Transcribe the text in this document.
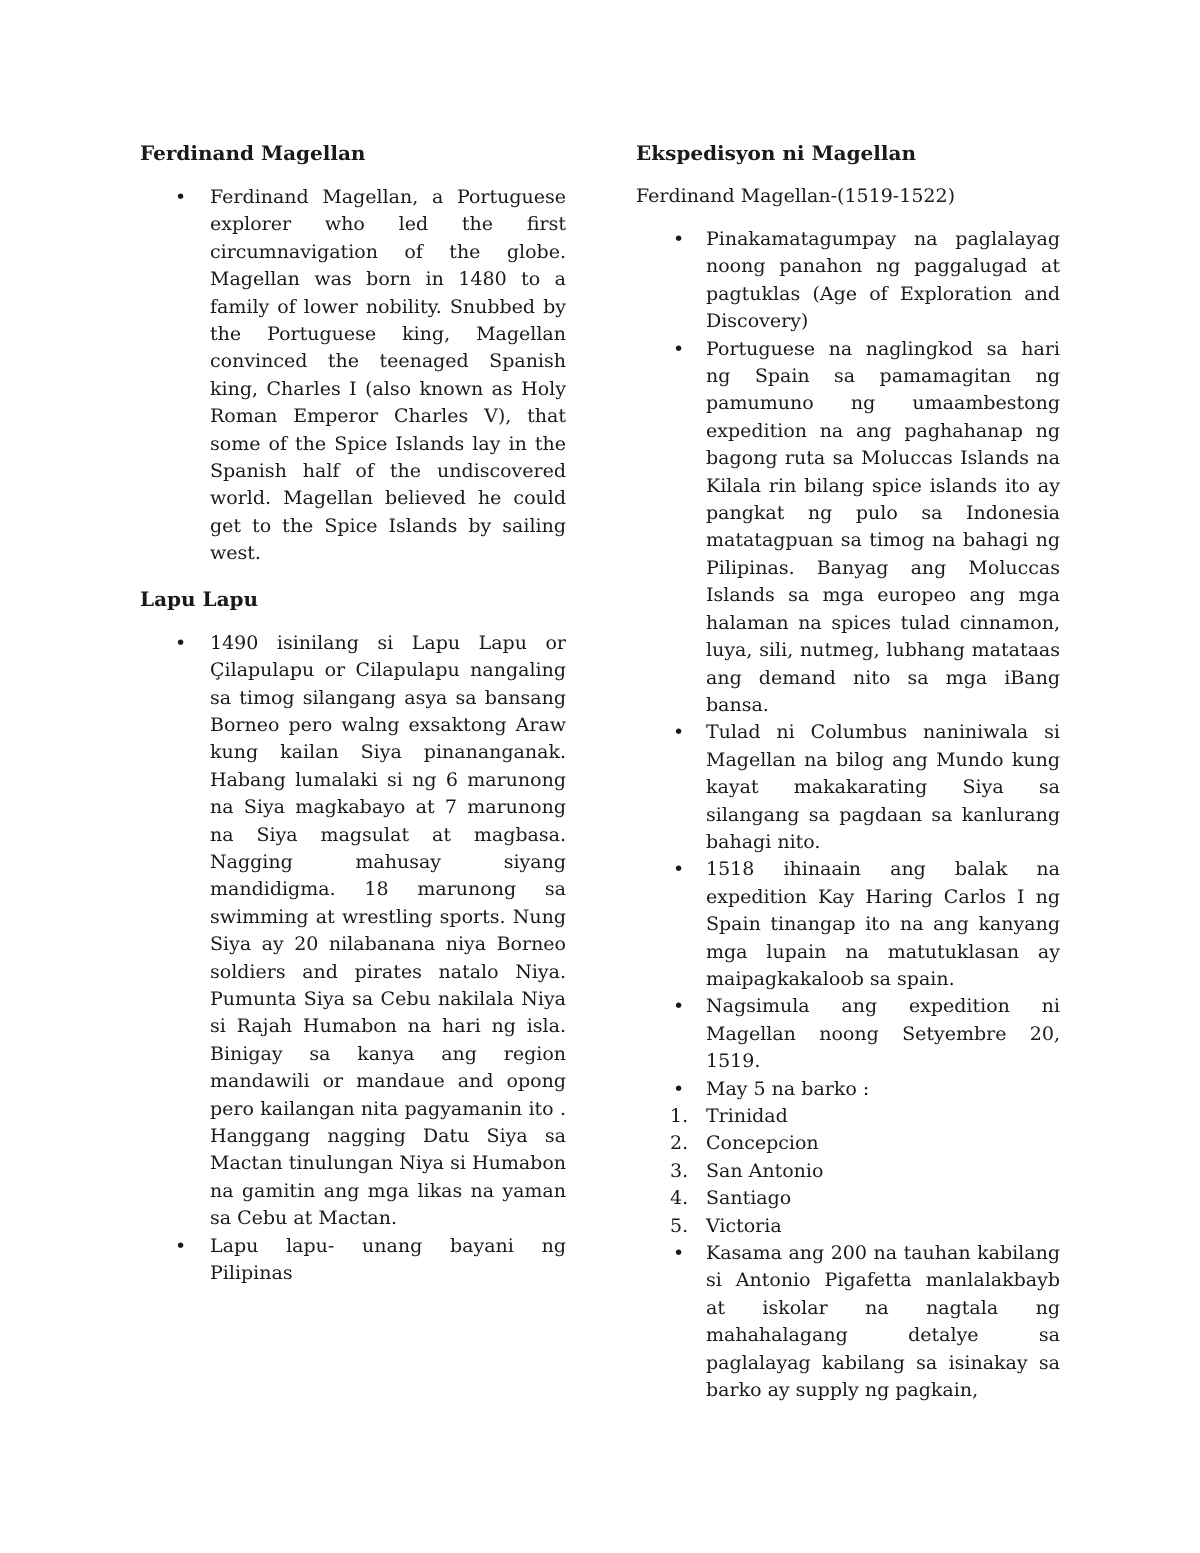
Ferdinand Magellan
• Ferdinand Magellan, a Portuguese explorer who led the first circumnavigation of the globe. Magellan was born in 1480 to a family of lower nobility. Snubbed by the Portuguese king, Magellan convinced the teenaged Spanish king, Charles I (also known as Holy Roman Emperor Charles V), that some of the Spice Islands lay in the Spanish half of the undiscovered world. Magellan believed he could get to the Spice Islands by sailing west.
Lapu Lapu
• 1490 isinilang si Lapu Lapu or Çilapulapu or Cilapulapu nangaling sa timog silangang asya sa bansang Borneo pero walng exsaktong Araw kung kailan Siya pinananganak. Habang lumalaki si ng 6 marunong na Siya magkabayo at 7 marunong na Siya magsulat at magbasa. Nagging mahusay siyang mandidigma. 18 marunong sa swimming at wrestling sports. Nung Siya ay 20 nilabanana niya Borneo soldiers and pirates natalo Niya. Pumunta Siya sa Cebu nakilala Niya si Rajah Humabon na hari ng isla. Binigay sa kanya ang region mandawili or mandaue and opong pero kailangan nita pagyamanin ito . Hanggang nagging Datu Siya sa Mactan tinulungan Niya si Humabon na gamitin ang mga likas na yaman sa Cebu at Mactan.
• Lapu lapu- unang bayani ng Pilipinas
Ekspedisyon ni Magellan

Ferdinand Magellan-(1519-1522)

• Pinakamatagumpay na paglalayag noong panahon ng paggalugad at pagtuklas (Age of Exploration and Discovery)
• Portuguese na naglingkod sa hari ng Spain sa pamamagitan ng pamumuno ng umaambestong expedition na ang paghahanap ng bagong ruta sa Moluccas Islands na Kilala rin bilang spice islands ito ay pangkat ng pulo sa Indonesia matatagpuan sa timog na bahagi ng Pilipinas. Banyag ang Moluccas Islands sa mga europeo ang mga halaman na spices tulad cinnamon, luya, sili, nutmeg, lubhang matataas ang demand nito sa mga iBang bansa.
• Tulad ni Columbus naniniwala si Magellan na bilog ang Mundo kung kayat makakarating Siya sa silangang sa pagdaan sa kanlurang bahagi nito.
• 1518 ihinaain ang balak na expedition Kay Haring Carlos I ng Spain tinangap ito na ang kanyang mga lupain na matutuklasan ay maipagkakaloob sa spain.
• Nagsimula ang expedition ni Magellan noong Setyembre 20, 1519.
• May 5 na barko :
1. Trinidad
2. Concepcion
3. San Antonio
4. Santiago
5. Victoria
• Kasama ang 200 na tauhan kabilang si Antonio Pigafetta manlalakbayb at iskolar na nagtala ng mahahalagang detalye sa paglalayag kabilang sa isinakay sa barko ay supply ng pagkain,
